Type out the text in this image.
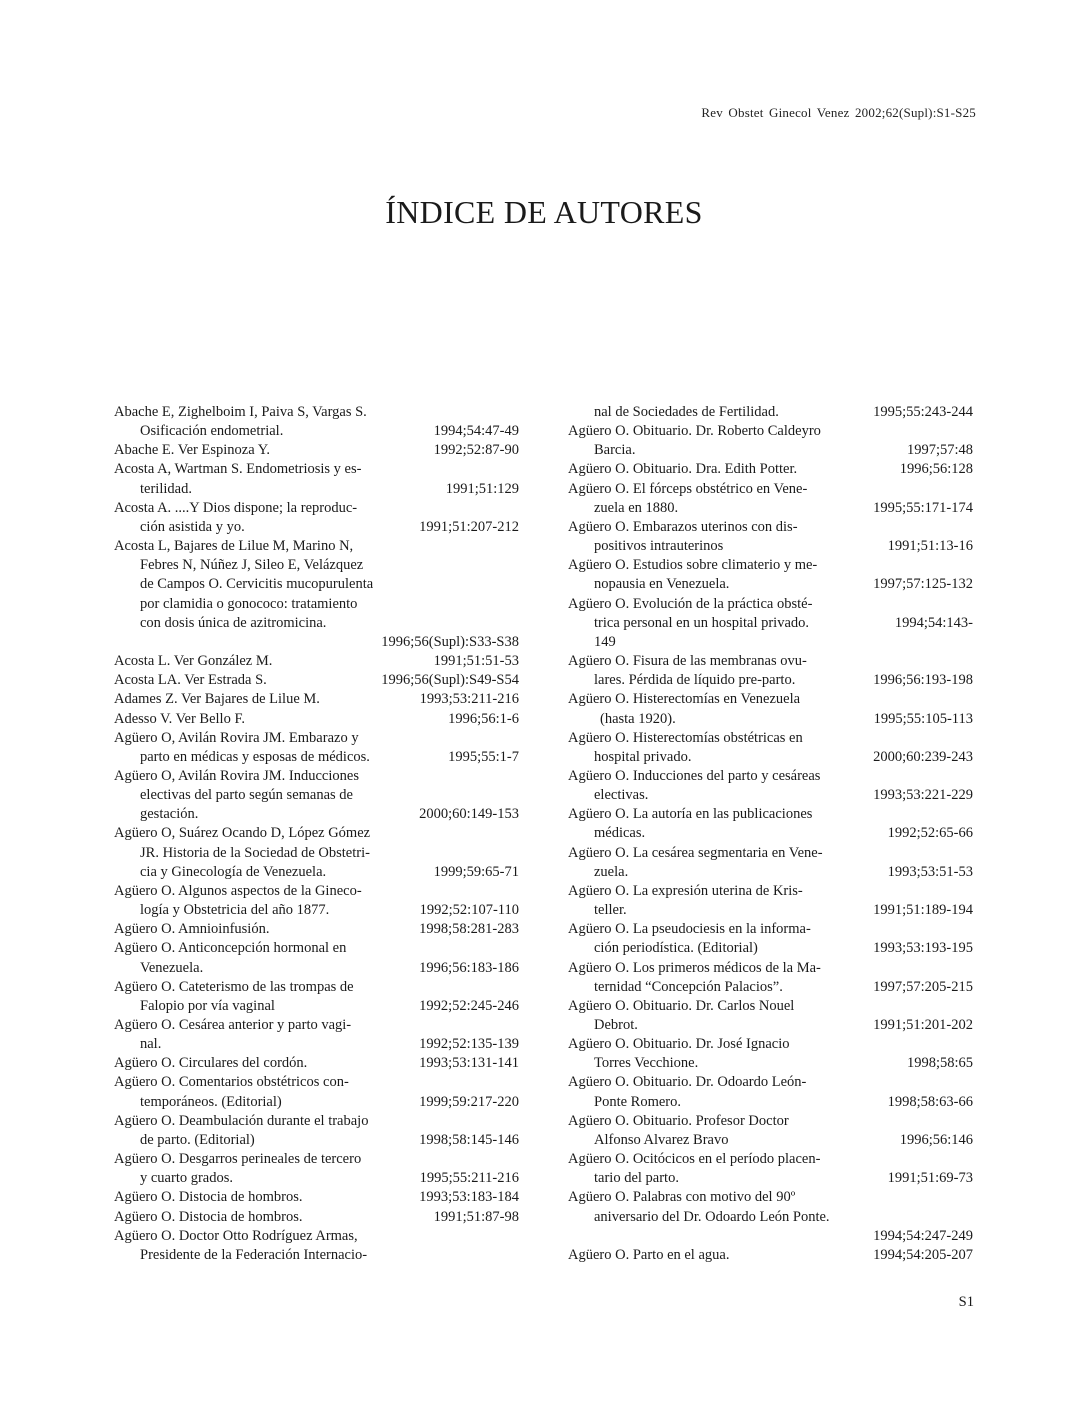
Rev Obstet Ginecol Venez 2002;62(Supl):S1-S25
ÍNDICE DE AUTORES
Abache E, Zighelboim I, Paiva S, Vargas S.
Osificación endometrial.	1994;54:47-49
Abache E. Ver Espinoza Y.	1992;52:87-90
Acosta A, Wartman S. Endometriosis y es-
terilidad.	1991;51:129
Acosta A. ....Y Dios dispone; la reproduc-
ción asistida y yo.	1991;51:207-212
Acosta L, Bajares de Lilue M, Marino N,
Febres N, Núñez J, Sileo E, Velázquez
de Campos O. Cervicitis mucopurulenta
por clamidia o gonococo: tratamiento
con dosis única de azitromicina.
1996;56(Supl):S33-S38
Acosta L. Ver González M.	1991;51:51-53
Acosta LA. Ver Estrada S.	1996;56(Supl):S49-S54
Adames Z. Ver Bajares de Lilue M.	1993;53:211-216
Adesso V. Ver Bello F.	1996;56:1-6
Agüero O, Avilán Rovira JM. Embarazo y
parto en médicas y esposas de médicos.	1995;55:1-7
Agüero O, Avilán Rovira JM. Inducciones
electivas del parto según semanas de
gestación.	2000;60:149-153
Agüero O, Suárez Ocando D, López Gómez
JR. Historia de la Sociedad de Obstetri-
cia y Ginecología de Venezuela.	1999;59:65-71
Agüero O. Algunos aspectos de la Gineco-
logía y Obstetricia del año 1877.	1992;52:107-110
Agüero O. Amnioinfusión.	1998;58:281-283
Agüero O. Anticoncepción hormonal en
Venezuela.	1996;56:183-186
Agüero O. Cateterismo de las trompas de
Falopio por vía vaginal	1992;52:245-246
Agüero O. Cesárea anterior y parto vagi-
nal.	1992;52:135-139
Agüero O. Circulares del cordón.	1993;53:131-141
Agüero O. Comentarios obstétricos con-
temporáneos. (Editorial)	1999;59:217-220
Agüero O. Deambulación durante el trabajo
de parto. (Editorial)	1998;58:145-146
Agüero O. Desgarros perineales de tercero
y cuarto grados.	1995;55:211-216
Agüero O. Distocia de hombros.	1993;53:183-184
Agüero O. Distocia de hombros.	1991;51:87-98
Agüero O. Doctor Otto Rodríguez Armas,
Presidente de la Federación Internacio-
nal de Sociedades de Fertilidad.	1995;55:243-244
Agüero O. Obituario. Dr. Roberto Caldeyro
Barcia.	1997;57:48
Agüero O. Obituario. Dra. Edith Potter.	1996;56:128
Agüero O. El fórceps obstétrico en Vene-
zuela en 1880.	1995;55:171-174
Agüero O. Embarazos uterinos con dis-
positivos intrauterinos	1991;51:13-16
Agüero O. Estudios sobre climaterio y me-
nopausia en Venezuela.	1997;57:125-132
Agüero O. Evolución de la práctica obsté-
trica personal en un hospital privado.	1994;54:143-
149
Agüero O. Fisura de las membranas ovu-
lares. Pérdida de líquido pre-parto.	1996;56:193-198
Agüero O. Histerectomías en Venezuela
(hasta 1920).	1995;55:105-113
Agüero O. Histerectomías obstétricas en
hospital privado.	2000;60:239-243
Agüero O. Inducciones del parto y cesáreas
electivas.	1993;53:221-229
Agüero O. La autoría en las publicaciones
médicas.	1992;52:65-66
Agüero O. La cesárea segmentaria en Vene-
zuela.	1993;53:51-53
Agüero O. La expresión uterina de Kris-
teller.	1991;51:189-194
Agüero O. La pseudociesis en la informa-
ción periodística. (Editorial)	1993;53:193-195
Agüero O. Los primeros médicos de la Ma-
ternidad “Concepción Palacios”.	1997;57:205-215
Agüero O. Obituario. Dr. Carlos Nouel
Debrot.	1991;51:201-202
Agüero O. Obituario. Dr. José Ignacio
Torres Vecchione.	1998;58:65
Agüero O. Obituario. Dr. Odoardo León-
Ponte Romero.	1998;58:63-66
Agüero O. Obituario. Profesor Doctor
Alfonso Alvarez Bravo	1996;56:146
Agüero O. Ocitócicos en el período placen-
tario del parto.	1991;51:69-73
Agüero O. Palabras con motivo del 90º
aniversario del Dr. Odoardo León Ponte.
1994;54:247-249
Agüero O. Parto en el agua.	1994;54:205-207
S1
